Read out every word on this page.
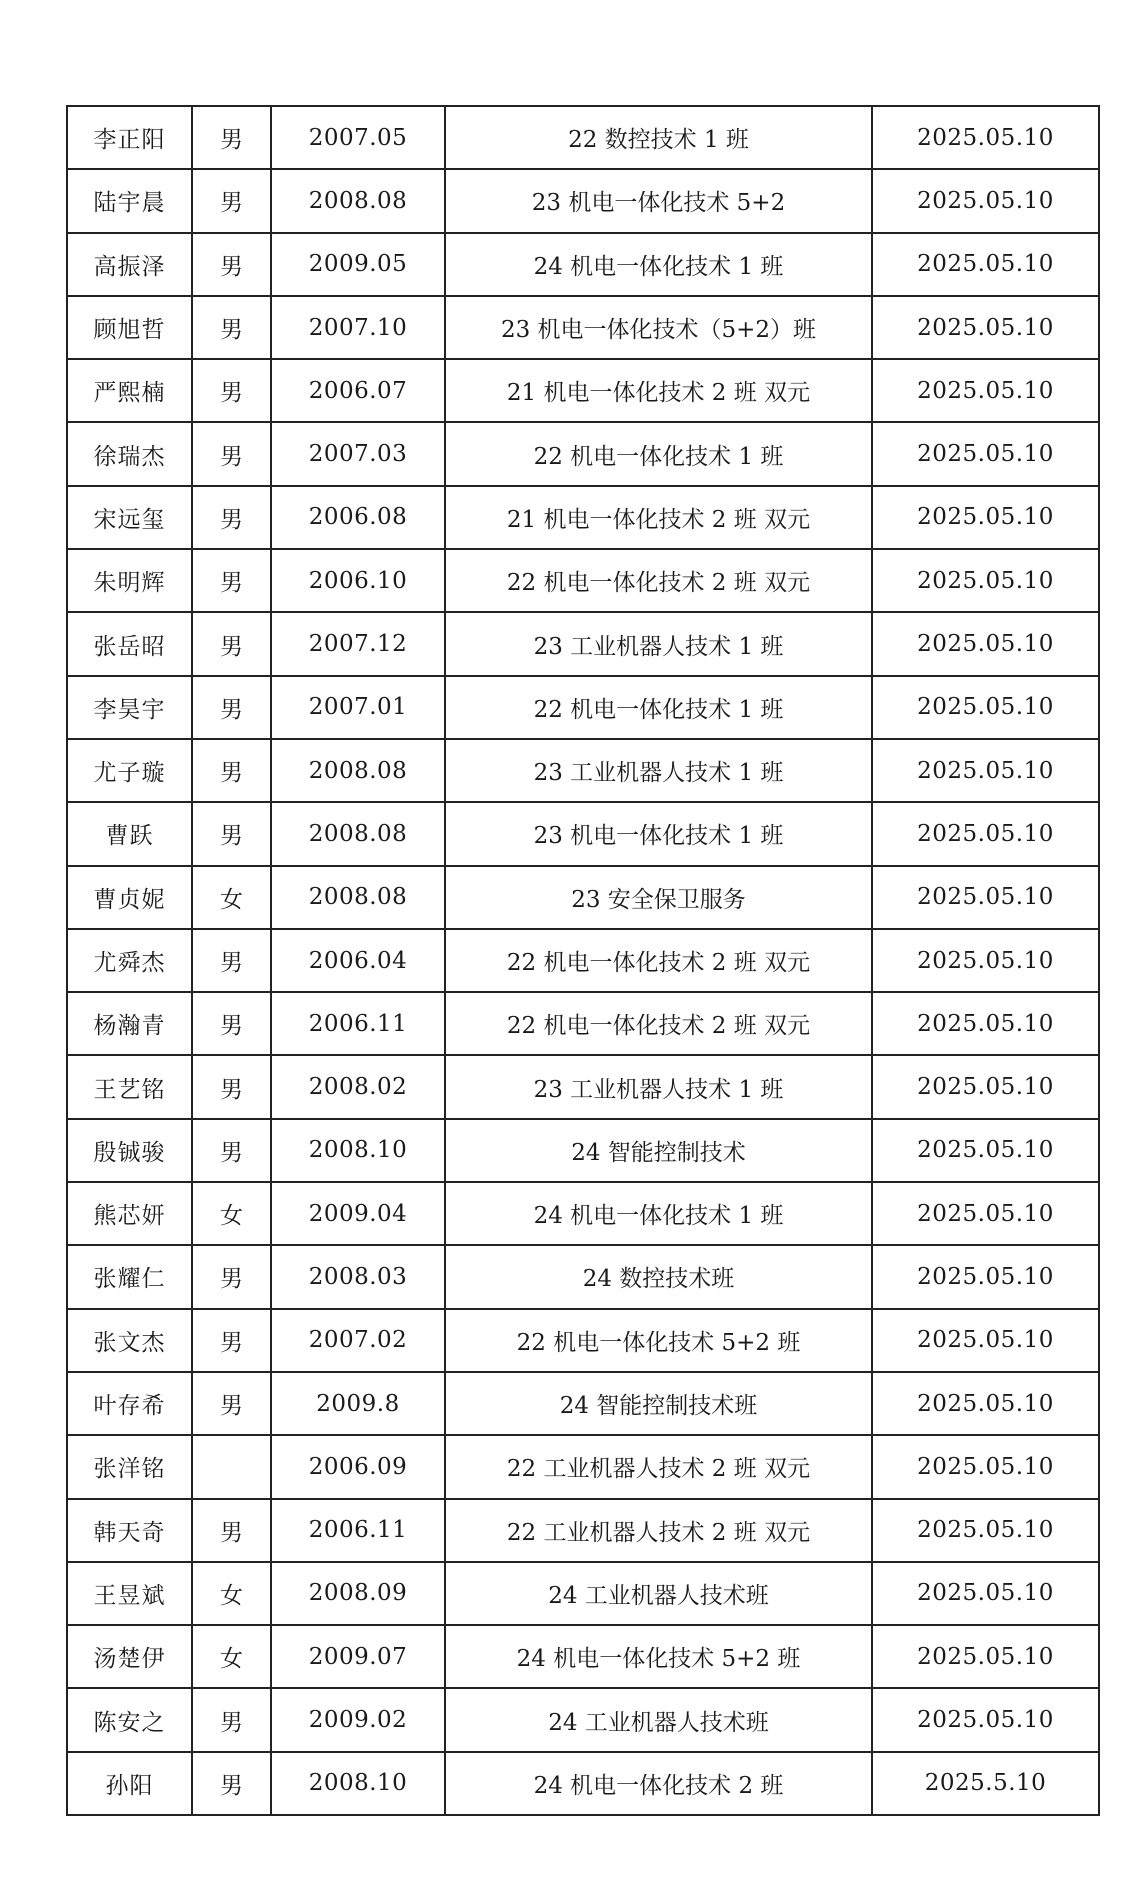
李正阳	男	2007.05	22 数控技术 1 班	2025.05.10
陆宇晨	男	2008.08	23 机电一体化技术 5+2	2025.05.10
高振泽	男	2009.05	24 机电一体化技术 1 班	2025.05.10
顾旭哲	男	2007.10	23 机电一体化技术（5+2）班	2025.05.10
严熙楠	男	2006.07	21 机电一体化技术 2 班 双元	2025.05.10
徐瑞杰	男	2007.03	22 机电一体化技术 1 班	2025.05.10
宋远玺	男	2006.08	21 机电一体化技术 2 班 双元	2025.05.10
朱明辉	男	2006.10	22 机电一体化技术 2 班 双元	2025.05.10
张岳昭	男	2007.12	23 工业机器人技术 1 班	2025.05.10
李昊宇	男	2007.01	22 机电一体化技术 1 班	2025.05.10
尤子璇	男	2008.08	23 工业机器人技术 1 班	2025.05.10
曹跃	男	2008.08	23 机电一体化技术 1 班	2025.05.10
曹贞妮	女	2008.08	23 安全保卫服务	2025.05.10
尤舜杰	男	2006.04	22 机电一体化技术 2 班 双元	2025.05.10
杨瀚青	男	2006.11	22 机电一体化技术 2 班 双元	2025.05.10
王艺铭	男	2008.02	23 工业机器人技术 1 班	2025.05.10
殷铖骏	男	2008.10	24 智能控制技术	2025.05.10
熊芯妍	女	2009.04	24 机电一体化技术 1 班	2025.05.10
张耀仁	男	2008.03	24 数控技术班	2025.05.10
张文杰	男	2007.02	22 机电一体化技术 5+2 班	2025.05.10
叶存希	男	2009.8	24 智能控制技术班	2025.05.10
张洋铭		2006.09	22 工业机器人技术 2 班 双元	2025.05.10
韩天奇	男	2006.11	22 工业机器人技术 2 班 双元	2025.05.10
王昱斌	女	2008.09	24 工业机器人技术班	2025.05.10
汤楚伊	女	2009.07	24 机电一体化技术 5+2 班	2025.05.10
陈安之	男	2009.02	24 工业机器人技术班	2025.05.10
孙阳	男	2008.10	24 机电一体化技术 2 班	2025.5.10
